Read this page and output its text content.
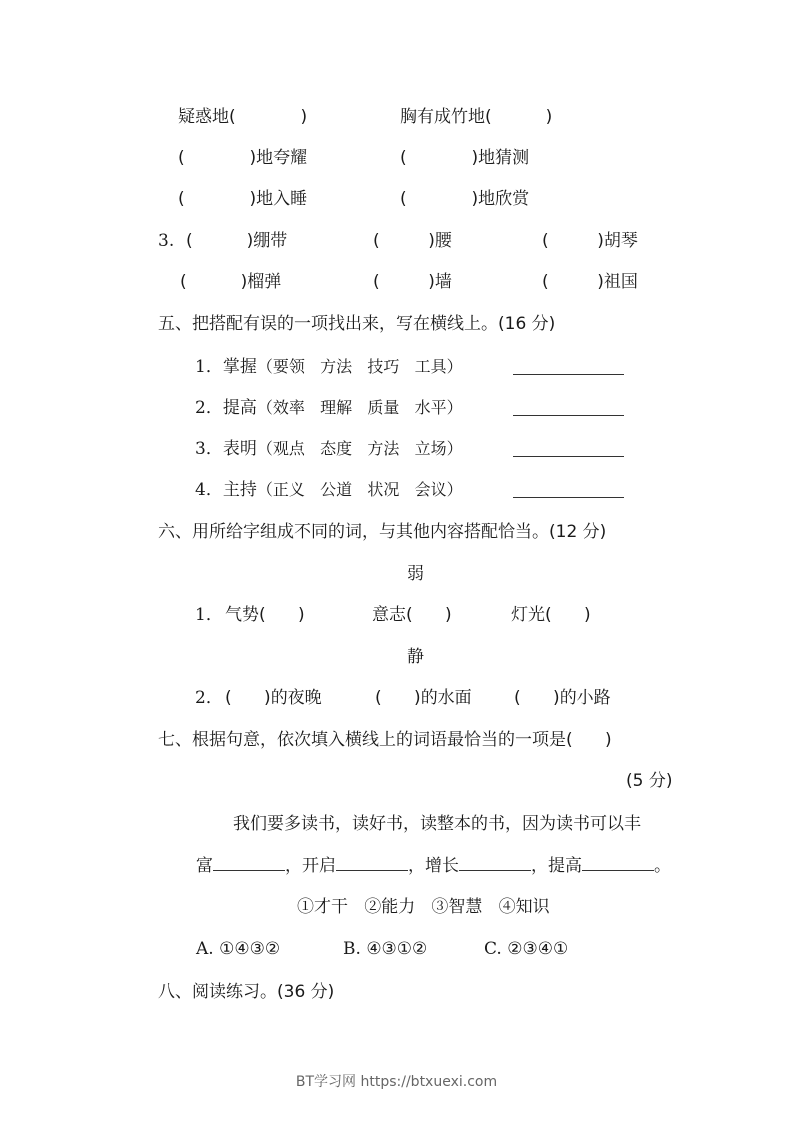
疑惑地(            )	胸有成竹地(          )
(            )地夸耀	(            )地猜测
(            )地入睡	(            )地欣赏
3. (          )绷带	(         )腰	(         )胡琴
(          )榴弹	(         )墙	(         )祖国
五、把搭配有误的一项找出来，写在横线上。(16 分)
1．掌握（要领   方法   技巧   工具）
2．提高（效率   理解   质量   水平）
3．表明（观点   态度   方法   立场）
4．主持（正义   公道   状况   会议）
六、用所给字组成不同的词，与其他内容搭配恰当。(12 分)
弱
1． 气势(      )	意志(      )	灯光(      )
静
2． (      )的夜晚	(      )的水面 (      )的小路
七、根据句意，依次填入横线上的词语最恰当的一项是(      )
(5 分)
我们要多读书，读好书，读整本的书，因为读书可以丰
富	，开启	，增长	，提高	。
①才干   ②能力   ③智慧   ④知识
A. ①④③②	B. ④③①②	C. ②③④①
八、阅读练习。(36 分)
BT学习网 https://btxuexi.com
